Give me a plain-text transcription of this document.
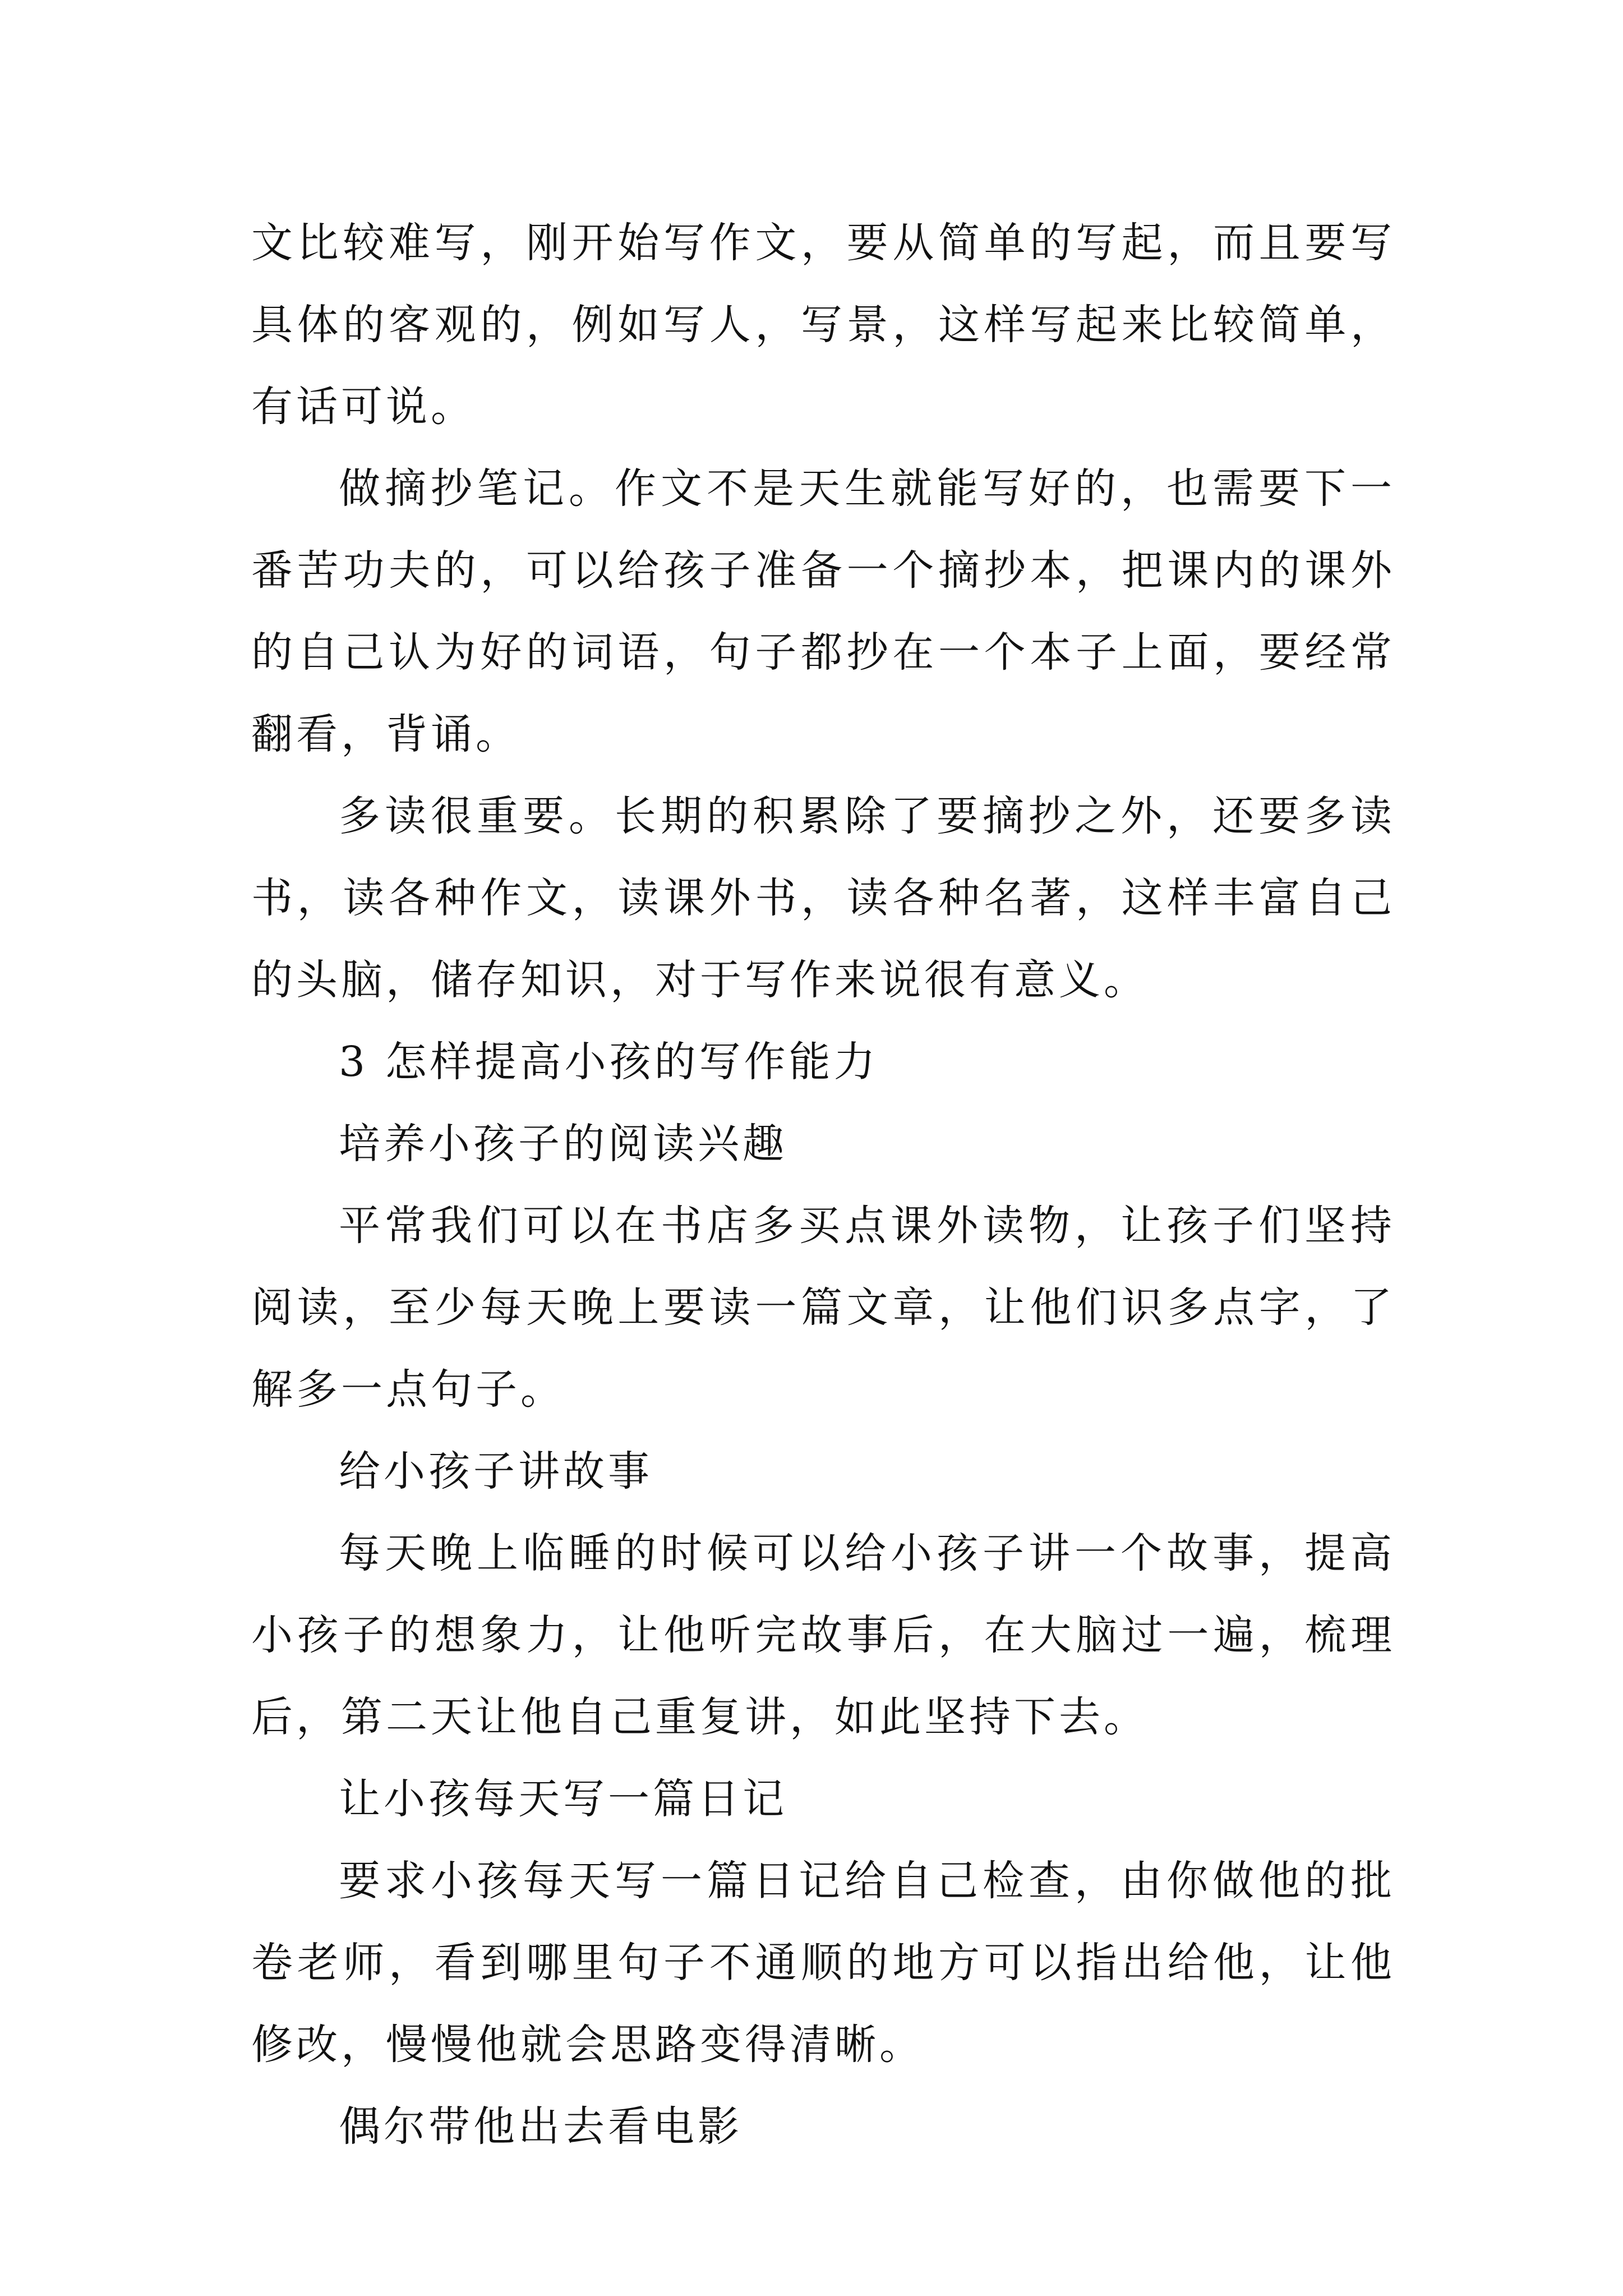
文比较难写，刚开始写作文，要从简单的写起，而且要写具体的客观的，例如写人，写景，这样写起来比较简单，有话可说。

做摘抄笔记。作文不是天生就能写好的，也需要下一番苦功夫的，可以给孩子准备一个摘抄本，把课内的课外的自己认为好的词语，句子都抄在一个本子上面，要经常翻看，背诵。

多读很重要。长期的积累除了要摘抄之外，还要多读书，读各种作文，读课外书，读各种名著，这样丰富自己的头脑，储存知识，对于写作来说很有意义。

3 怎样提高小孩的写作能力

培养小孩子的阅读兴趣

平常我们可以在书店多买点课外读物，让孩子们坚持阅读，至少每天晚上要读一篇文章，让他们识多点字，了解多一点句子。

给小孩子讲故事

每天晚上临睡的时候可以给小孩子讲一个故事，提高小孩子的想象力，让他听完故事后，在大脑过一遍，梳理后，第二天让他自己重复讲，如此坚持下去。

让小孩每天写一篇日记

要求小孩每天写一篇日记给自己检查，由你做他的批卷老师，看到哪里句子不通顺的地方可以指出给他，让他修改，慢慢他就会思路变得清晰。

偶尔带他出去看电影
